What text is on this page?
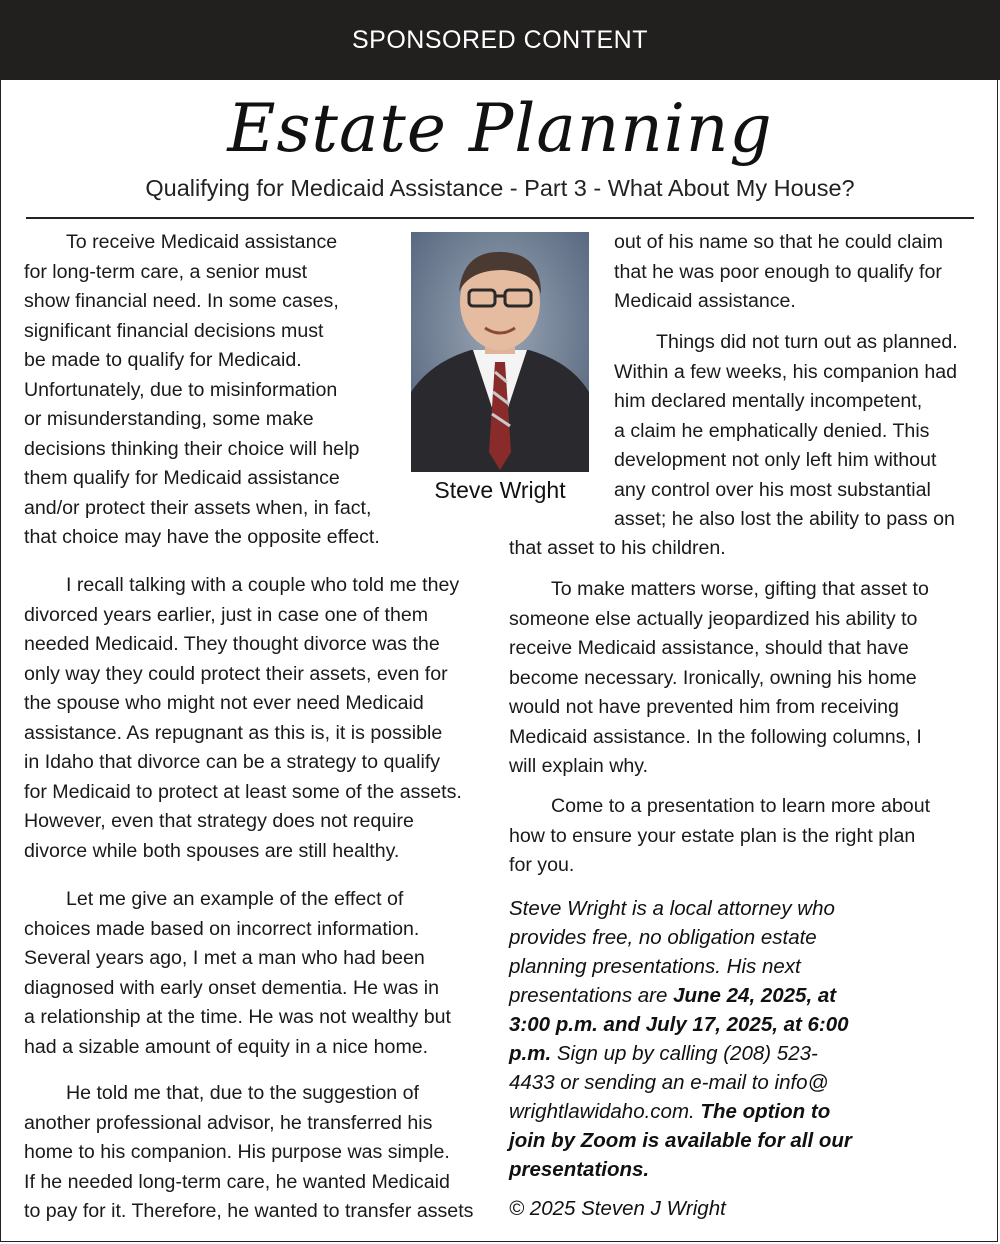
SPONSORED CONTENT
Estate Planning
Qualifying for Medicaid Assistance - Part 3 - What About My House?
To receive Medicaid assistance
for long-term care, a senior must
show financial need. In some cases,
significant financial decisions must
be made to qualify for Medicaid.
Unfortunately, due to misinformation
or misunderstanding, some make
decisions thinking their choice will help
them qualify for Medicaid assistance
and/or protect their assets when, in fact,
that choice may have the opposite effect.
I recall talking with a couple who told me they
divorced years earlier, just in case one of them
needed Medicaid. They thought divorce was the
only way they could protect their assets, even for
the spouse who might not ever need Medicaid
assistance. As repugnant as this is, it is possible
in Idaho that divorce can be a strategy to qualify
for Medicaid to protect at least some of the assets.
However, even that strategy does not require
divorce while both spouses are still healthy.
Let me give an example of the effect of
choices made based on incorrect information.
Several years ago, I met a man who had been
diagnosed with early onset dementia. He was in
a relationship at the time. He was not wealthy but
had a sizable amount of equity in a nice home.
He told me that, due to the suggestion of
another professional advisor, he transferred his
home to his companion. His purpose was simple.
If he needed long-term care, he wanted Medicaid
to pay for it. Therefore, he wanted to transfer assets
Steve Wright
out of his name so that he could claim
that he was poor enough to qualify for
Medicaid assistance.
Things did not turn out as planned.
Within a few weeks, his companion had
him declared mentally incompetent,
a claim he emphatically denied. This
development not only left him without
any control over his most substantial
asset; he also lost the ability to pass on
that asset to his children.
To make matters worse, gifting that asset to
someone else actually jeopardized his ability to
receive Medicaid assistance, should that have
become necessary. Ironically, owning his home
would not have prevented him from receiving
Medicaid assistance. In the following columns, I
will explain why.
Come to a presentation to learn more about
how to ensure your estate plan is the right plan
for you.
Steve Wright is a local attorney who
provides free, no obligation estate
planning presentations. His next
presentations are June 24, 2025, at
3:00 p.m. and July 17, 2025, at 6:00
p.m. Sign up by calling (208) 523-
4433 or sending an e-mail to info@
wrightlawidaho.com. The option to
join by Zoom is available for all our
presentations.
© 2025 Steven J Wright
